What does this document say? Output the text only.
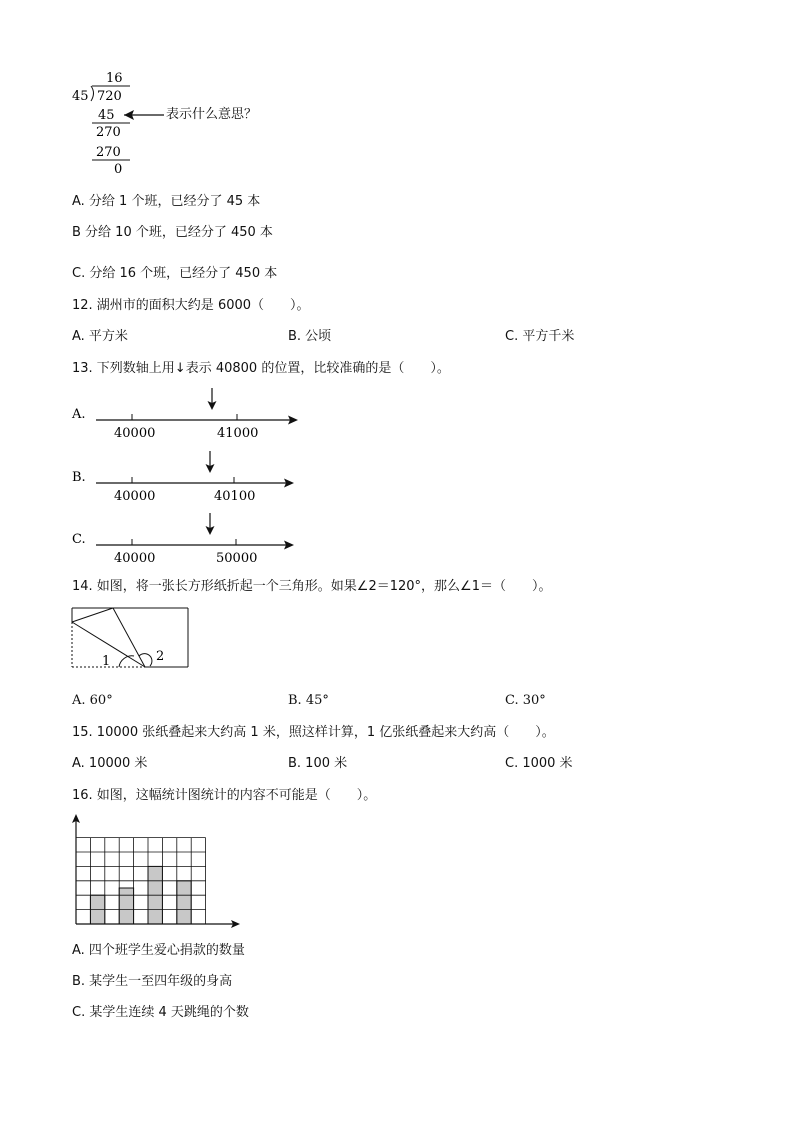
16
45 720
45
270
270
0
表示什么意思？
A. 分给 1 个班，已经分了 45 本
B 分给 10 个班，已经分了 450 本
C. 分给 16 个班，已经分了 450 本
12. 湖州市的面积大约是 6000（　　）。
A. 平方米	B. 公顷	C. 平方千米
13. 下列数轴上用↓表示 40800 的位置，比较准确的是（　　）。
A.
40000	41000
B.
40000	40100
C.
40000	50000
14. 如图，将一张长方形纸折起一个三角形。如果∠2＝120°，那么∠1＝（　　）。
1	2
A. 60°	B. 45°	C. 30°
15. 10000 张纸叠起来大约高 1 米，照这样计算，1 亿张纸叠起来大约高（　　）。
A. 10000 米	B. 100 米	C. 1000 米
16. 如图，这幅统计图统计的内容不可能是（　　）。
A. 四个班学生爱心捐款的数量
B. 某学生一至四年级的身高
C. 某学生连续 4 天跳绳的个数
